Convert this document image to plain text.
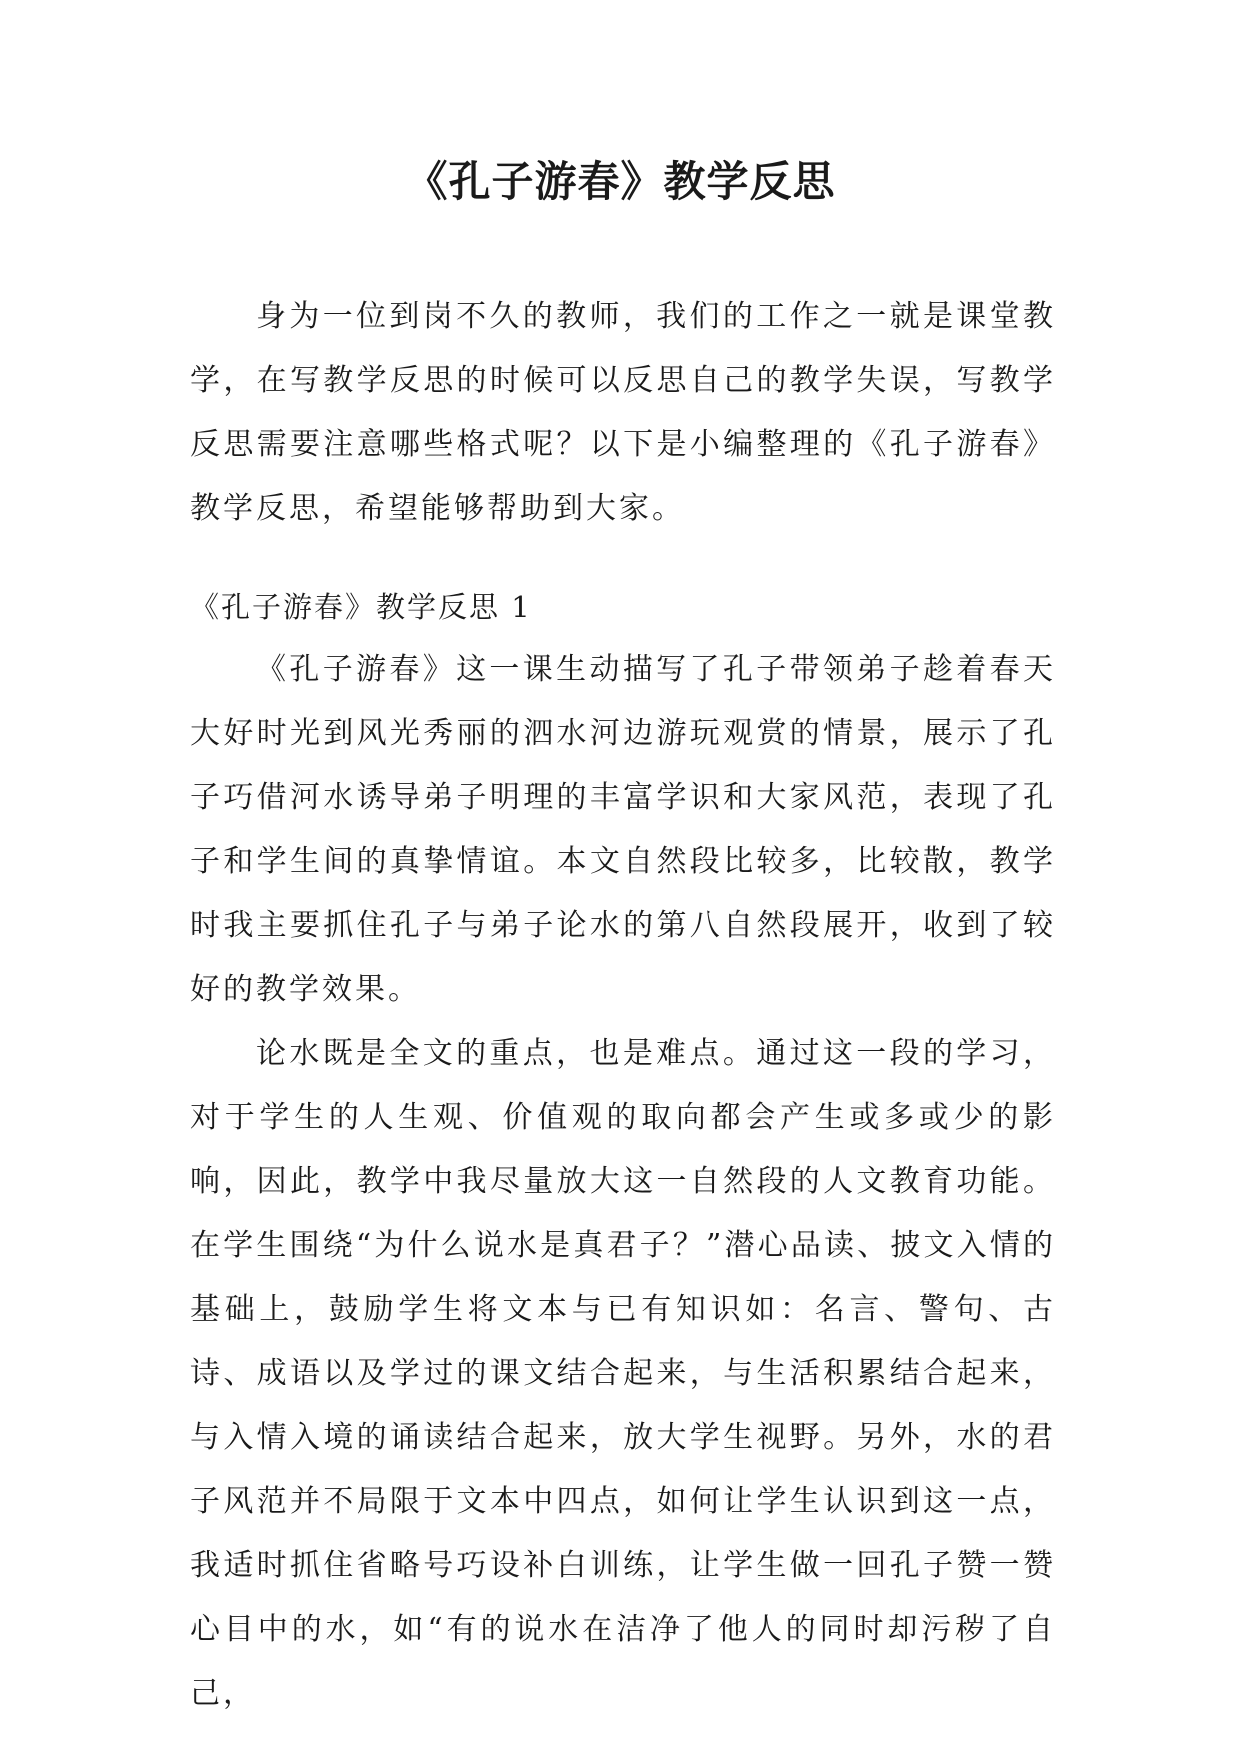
《孔子游春》教学反思

身为一位到岗不久的教师，我们的工作之一就是课堂教学，在写教学反思的时候可以反思自己的教学失误，写教学反思需要注意哪些格式呢？以下是小编整理的《孔子游春》教学反思，希望能够帮助到大家。

《孔子游春》教学反思 1

《孔子游春》这一课生动描写了孔子带领弟子趁着春天大好时光到风光秀丽的泗水河边游玩观赏的情景，展示了孔子巧借河水诱导弟子明理的丰富学识和大家风范，表现了孔子和学生间的真挚情谊。本文自然段比较多，比较散，教学时我主要抓住孔子与弟子论水的第八自然段展开，收到了较好的教学效果。

论水既是全文的重点，也是难点。通过这一段的学习，对于学生的人生观、价值观的取向都会产生或多或少的影响，因此，教学中我尽量放大这一自然段的人文教育功能。在学生围绕“为什么说水是真君子？”潜心品读、披文入情的基础上，鼓励学生将文本与已有知识如：名言、警句、古诗、成语以及学过的课文结合起来，与生活积累结合起来，与入情入境的诵读结合起来，放大学生视野。另外，水的君子风范并不局限于文本中四点，如何让学生认识到这一点，我适时抓住省略号巧设补白训练，让学生做一回孔子赞一赞心目中的水，如“有的说水在洁净了他人的同时却污秽了自己，
